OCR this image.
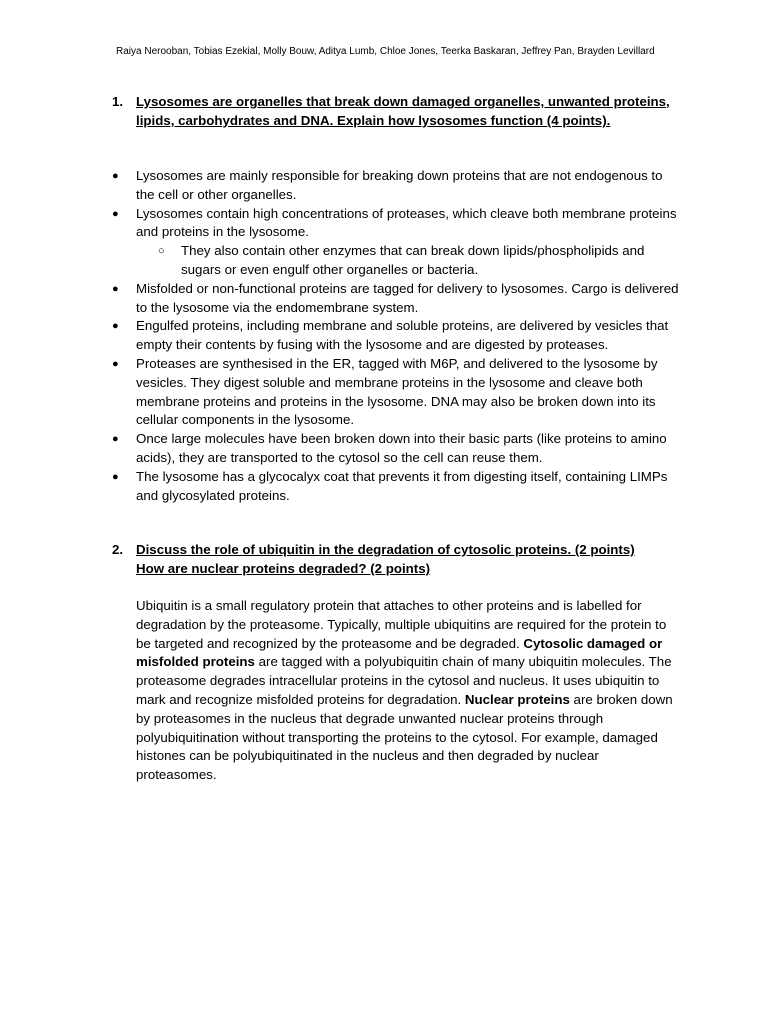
Raiya Nerooban, Tobias Ezekial, Molly Bouw, Aditya Lumb, Chloe Jones, Teerka Baskaran, Jeffrey Pan, Brayden Levillard
1. Lysosomes are organelles that break down damaged organelles, unwanted proteins, lipids, carbohydrates and DNA. Explain how lysosomes function (4 points).
● Lysosomes are mainly responsible for breaking down proteins that are not endogenous to the cell or other organelles.
● Lysosomes contain high concentrations of proteases, which cleave both membrane proteins and proteins in the lysosome.
○ They also contain other enzymes that can break down lipids/phospholipids and sugars or even engulf other organelles or bacteria.
● Misfolded or non-functional proteins are tagged for delivery to lysosomes. Cargo is delivered to the lysosome via the endomembrane system.
● Engulfed proteins, including membrane and soluble proteins, are delivered by vesicles that empty their contents by fusing with the lysosome and are digested by proteases.
● Proteases are synthesised in the ER, tagged with M6P, and delivered to the lysosome by vesicles. They digest soluble and membrane proteins in the lysosome and cleave both membrane proteins and proteins in the lysosome. DNA may also be broken down into its cellular components in the lysosome.
● Once large molecules have been broken down into their basic parts (like proteins to amino acids), they are transported to the cytosol so the cell can reuse them.
● The lysosome has a glycocalyx coat that prevents it from digesting itself, containing LIMPs and glycosylated proteins.
2. Discuss the role of ubiquitin in the degradation of cytosolic proteins. (2 points)
How are nuclear proteins degraded? (2 points)

Ubiquitin is a small regulatory protein that attaches to other proteins and is labelled for degradation by the proteasome. Typically, multiple ubiquitins are required for the protein to be targeted and recognized by the proteasome and be degraded. Cytosolic damaged or misfolded proteins are tagged with a polyubiquitin chain of many ubiquitin molecules. The proteasome degrades intracellular proteins in the cytosol and nucleus. It uses ubiquitin to mark and recognize misfolded proteins for degradation. Nuclear proteins are broken down by proteasomes in the nucleus that degrade unwanted nuclear proteins through polyubiquitination without transporting the proteins to the cytosol. For example, damaged histones can be polyubiquitinated in the nucleus and then degraded by nuclear proteasomes.
